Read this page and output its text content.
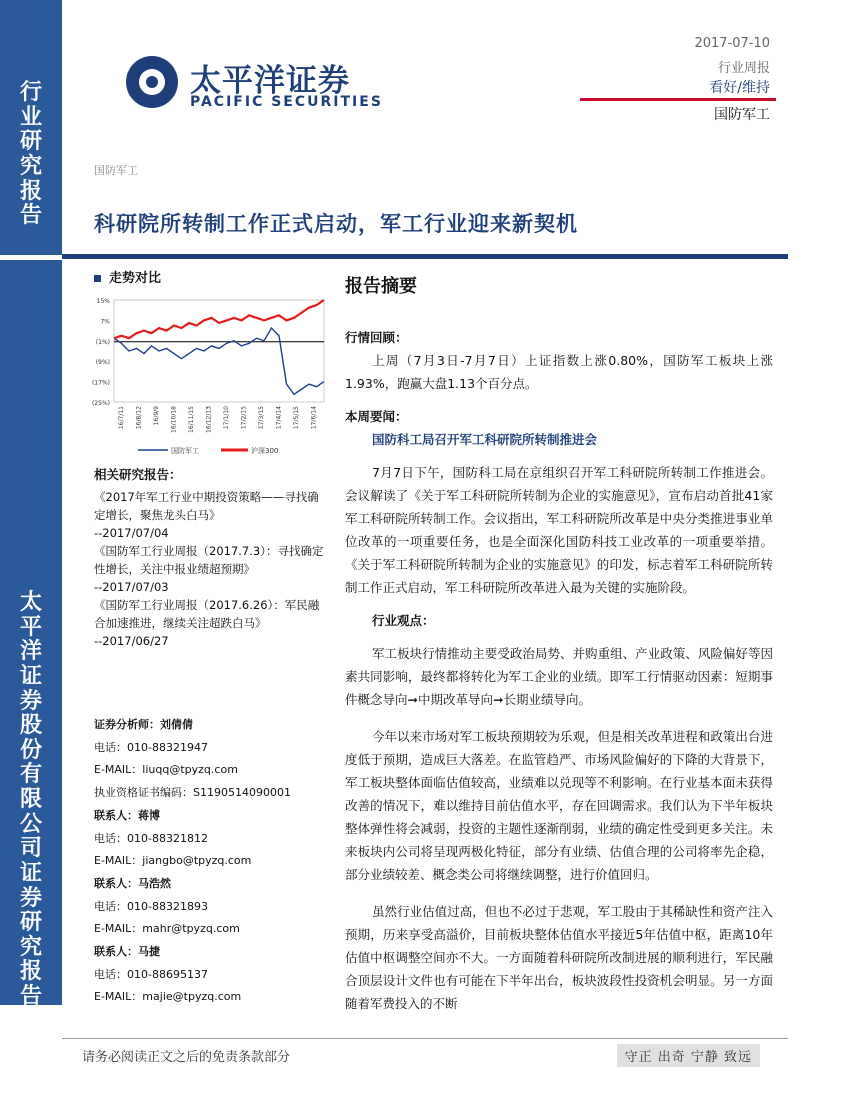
行
业
研
究
报
告
太
平
洋
证
券
股
份
有
限
公
司
证
券
研
究
报
告
太平洋证券
PACIFIC SECURITIES
2017-07-10
行业周报
看好/维持
国防军工
国防军工
科研院所转制工作正式启动，军工行业迎来新契机
走势对比
15%
7%
(1%)
(9%)
(17%)
(25%)
16/7/11 16/8/12 16/9/9 16/10/18 16/11/15 16/12/13 17/1/10 17/2/15 17/3/15 17/4/14 17/5/15 17/6/14
国防军工	沪深300
相关研究报告：
《2017年军工行业中期投资策略——寻找确定增长，聚焦龙头白马》
--2017/07/04
《国防军工行业周报（2017.7.3）：寻找确定性增长，关注中报业绩超预期》
--2017/07/03
《国防军工行业周报（2017.6.26）：军民融合加速推进，继续关注超跌白马》
--2017/06/27
证券分析师：刘倩倩
电话：010-88321947
E-MAIL：liuqq@tpyzq.com
执业资格证书编码：S1190514090001
联系人：蒋博
电话：010-88321812
E-MAIL：jiangbo@tpyzq.com
联系人：马浩然
电话：010-88321893
E-MAIL：mahr@tpyzq.com
联系人：马捷
电话：010-88695137
E-MAIL：majie@tpyzq.com
报告摘要
行情回顾：

上周（7月3日-7月7日）上证指数上涨0.80%，国防军工板块上涨1.93%，跑赢大盘1.13个百分点。

本周要闻：
国防科工局召开军工科研院所转制推进会

7月7日下午，国防科工局在京组织召开军工科研院所转制工作推进会。会议解读了《关于军工科研院所转制为企业的实施意见》，宣布启动首批41家军工科研院所转制工作。会议指出，军工科研院所改革是中央分类推进事业单位改革的一项重要任务，也是全面深化国防科技工业改革的一项重要举措。《关于军工科研院所转制为企业的实施意见》的印发，标志着军工科研院所转制工作正式启动，军工科研院所改革进入最为关键的实施阶段。

行业观点：

军工板块行情推动主要受政治局势、并购重组、产业政策、风险偏好等因素共同影响，最终都将转化为军工企业的业绩。即军工行情驱动因素：短期事件概念导向➞中期改革导向➞长期业绩导向。

今年以来市场对军工板块预期较为乐观，但是相关改革进程和政策出台进度低于预期，造成巨大落差。在监管趋严、市场风险偏好的下降的大背景下，军工板块整体面临估值较高，业绩难以兑现等不利影响。在行业基本面未获得改善的情况下，难以维持目前估值水平，存在回调需求。我们认为下半年板块整体弹性将会减弱，投资的主题性逐渐削弱，业绩的确定性受到更多关注。未来板块内公司将呈现两极化特征，部分有业绩、估值合理的公司将率先企稳，部分业绩较差、概念类公司将继续调整，进行价值回归。

虽然行业估值过高，但也不必过于悲观，军工股由于其稀缺性和资产注入预期，历来享受高溢价，目前板块整体估值水平接近5年估值中枢，距离10年估值中枢调整空间亦不大。一方面随着科研院所改制进展的顺利进行，军民融合顶层设计文件也有可能在下半年出台，板块波段性投资机会明显。另一方面随着军费投入的不断

请务必阅读正文之后的免责条款部分	守正 出奇 宁静 致远
